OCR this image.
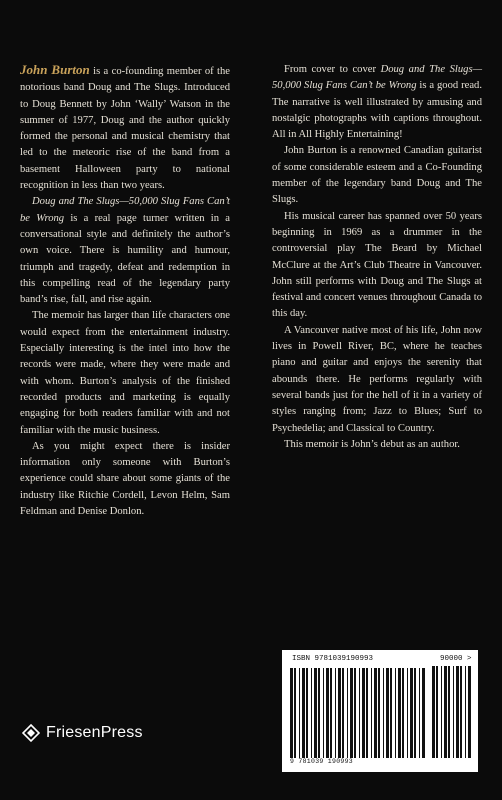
John Burton is a co-founding member of the notorious band Doug and The Slugs. Introduced to Doug Bennett by John ‘Wally’ Watson in the summer of 1977, Doug and the author quickly formed the personal and musical chemistry that led to the meteoric rise of the band from a basement Halloween party to national recognition in less than two years.

Doug and The Slugs—50,000 Slug Fans Can’t be Wrong is a real page turner written in a conversational style and definitely the author’s own voice. There is humility and humour, triumph and tragedy, defeat and redemption in this compelling read of the legendary party band’s rise, fall, and rise again.

The memoir has larger than life characters one would expect from the entertainment industry. Especially interesting is the intel into how the records were made, where they were made and with whom. Burton’s analysis of the finished recorded products and marketing is equally engaging for both readers familiar with and not familiar with the music business.

As you might expect there is insider information only someone with Burton’s experience could share about some giants of the industry like Ritchie Cordell, Levon Helm, Sam Feldman and Denise Donlon.

From cover to cover Doug and The Slugs—50,000 Slug Fans Can’t be Wrong is a good read. The narrative is well illustrated by amusing and nostalgic photographs with captions throughout. All in All Highly Entertaining!

John Burton is a renowned Canadian guitarist of some considerable esteem and a Co-Founding member of the legendary band Doug and The Slugs.

His musical career has spanned over 50 years beginning in 1969 as a drummer in the controversial play The Beard by Michael McClure at the Art’s Club Theatre in Vancouver. John still performs with Doug and The Slugs at festival and concert venues throughout Canada to this day.

A Vancouver native most of his life, John now lives in Powell River, BC, where he teaches piano and guitar and enjoys the serenity that abounds there. He performs regularly with several bands just for the hell of it in a variety of styles ranging from; Jazz to Blues; Surf to Psychedelia; and Classical to Country.

This memoir is John’s debut as an author.

FriesenPress
ISBN 9781039190993	90000 >
9 781039 190993
